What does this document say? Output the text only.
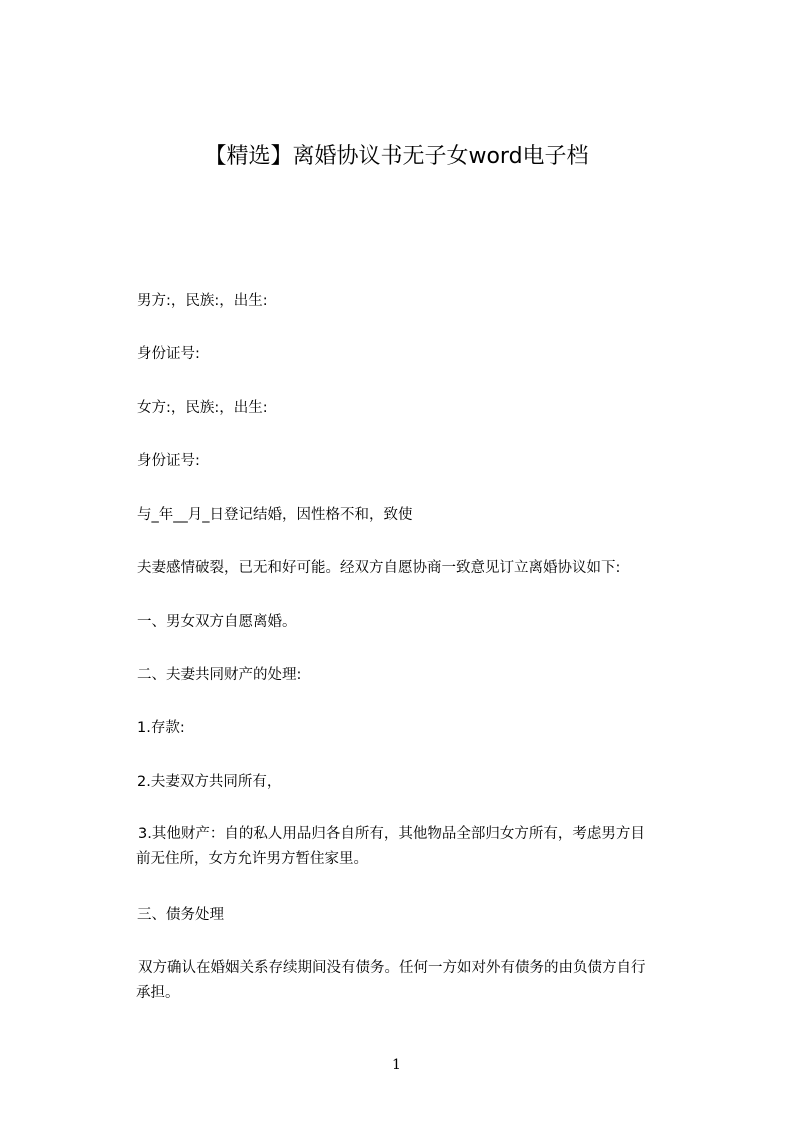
【精选】离婚协议书无子女word电子档
男方:，民族:，出生:
身份证号:
女方:，民族:，出生:
身份证号:
与_年__月_日登记结婚，因性格不和，致使
夫妻感情破裂，已无和好可能。经双方自愿协商一致意见订立离婚协议如下:
一、男女双方自愿离婚。
二、夫妻共同财产的处理:
1.存款:
2.夫妻双方共同所有，
3.其他财产：自的私人用品归各自所有，其他物品全部归女方所有，考虑男方目
前无住所，女方允许男方暂住家里。
三、债务处理
双方确认在婚姻关系存续期间没有债务。任何一方如对外有债务的由负债方自行
承担。
1
